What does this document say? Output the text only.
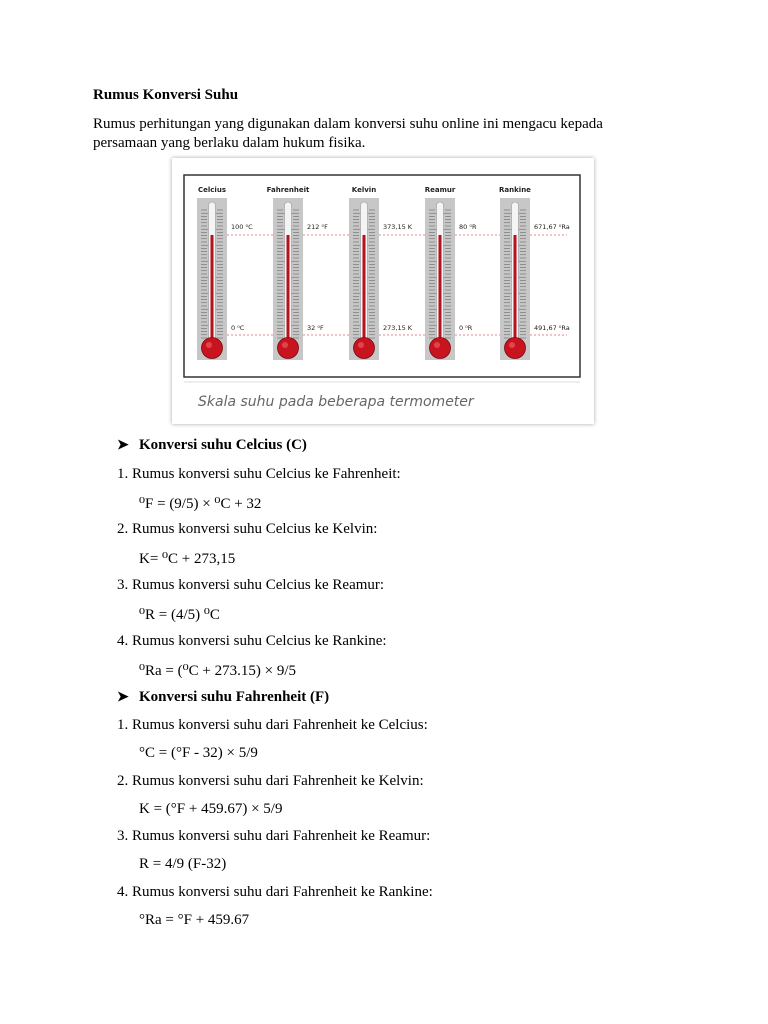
Rumus Konversi Suhu
Rumus perhitungan yang digunakan dalam konversi suhu online ini mengacu kepada persamaan yang berlaku dalam hukum fisika.
Celcius
100 ⁰C
0 ⁰C
Fahrenheit
212 ⁰F
32 ⁰F
Kelvin
373,15 K
273,15 K
Reamur
80 ⁰R
0 ⁰R
Rankine
671,67 ⁰Ra
491,67 ⁰Ra
Skala suhu pada beberapa termometer
➤ Konversi suhu Celcius (C)
1. Rumus konversi suhu Celcius ke Fahrenheit:
⁰F = (9/5) × ⁰C + 32
2. Rumus konversi suhu Celcius ke Kelvin:
K= ⁰C + 273,15
3. Rumus konversi suhu Celcius ke Reamur:
⁰R = (4/5) ⁰C
4. Rumus konversi suhu Celcius ke Rankine:
⁰Ra = (⁰C + 273.15) × 9/5
➤ Konversi suhu Fahrenheit (F)
1. Rumus konversi suhu dari Fahrenheit ke Celcius:
°C = (°F - 32) × 5/9
2. Rumus konversi suhu dari Fahrenheit ke Kelvin:
K = (°F + 459.67) × 5/9
3. Rumus konversi suhu dari Fahrenheit ke Reamur:
R = 4/9 (F-32)
4. Rumus konversi suhu dari Fahrenheit ke Rankine:
°Ra = °F + 459.67
